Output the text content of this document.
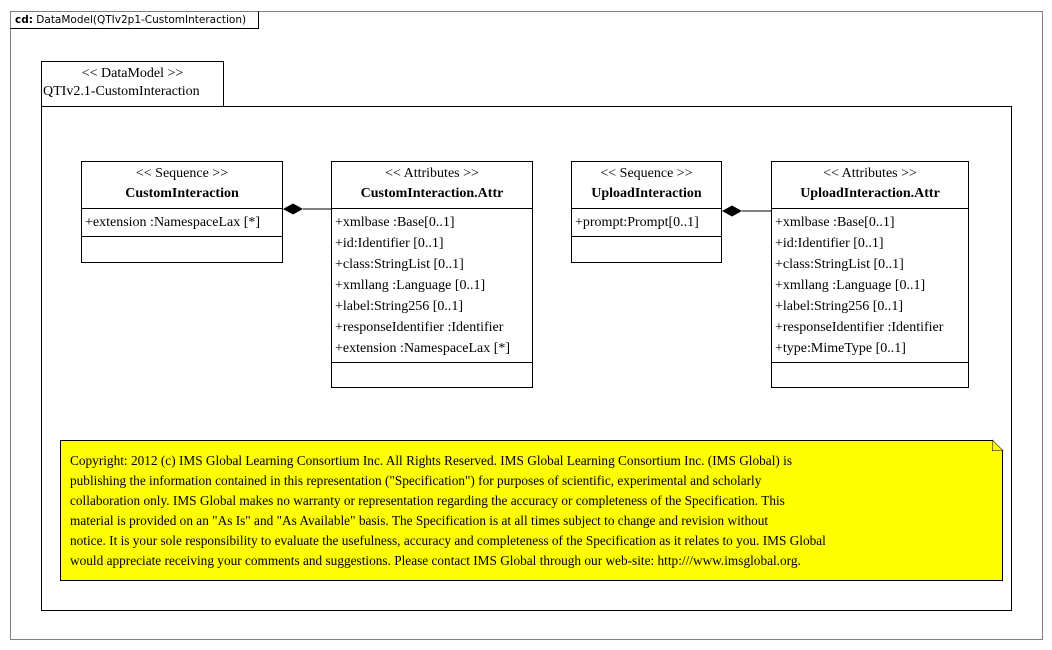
cd: DataModel(QTIv2p1-CustomInteraction)
<< DataModel >>
QTIv2.1-CustomInteraction
<< Sequence >>
CustomInteraction
+extension :NamespaceLax [*]
<< Attributes >>
CustomInteraction.Attr
+xmlbase :Base[0..1]
+id:Identifier [0..1]
+class:StringList [0..1]
+xmllang :Language [0..1]
+label:String256 [0..1]
+responseIdentifier :Identifier
+extension :NamespaceLax [*]
<< Sequence >>
UploadInteraction
+prompt:Prompt[0..1]
<< Attributes >>
UploadInteraction.Attr
+xmlbase :Base[0..1]
+id:Identifier [0..1]
+class:StringList [0..1]
+xmllang :Language [0..1]
+label:String256 [0..1]
+responseIdentifier :Identifier
+type:MimeType [0..1]
Copyright: 2012 (c) IMS Global Learning Consortium Inc. All Rights Reserved. IMS Global Learning Consortium Inc. (IMS Global) is
publishing the information contained in this representation ("Specification") for purposes of scientific, experimental and scholarly
collaboration only. IMS Global makes no warranty or representation regarding the accuracy or completeness of the Specification. This
material is provided on an "As Is" and "As Available" basis. The Specification is at all times subject to change and revision without
notice. It is your sole responsibility to evaluate the usefulness, accuracy and completeness of the Specification as it relates to you. IMS Global
would appreciate receiving your comments and suggestions. Please contact IMS Global through our web-site: http:///www.imsglobal.org.
